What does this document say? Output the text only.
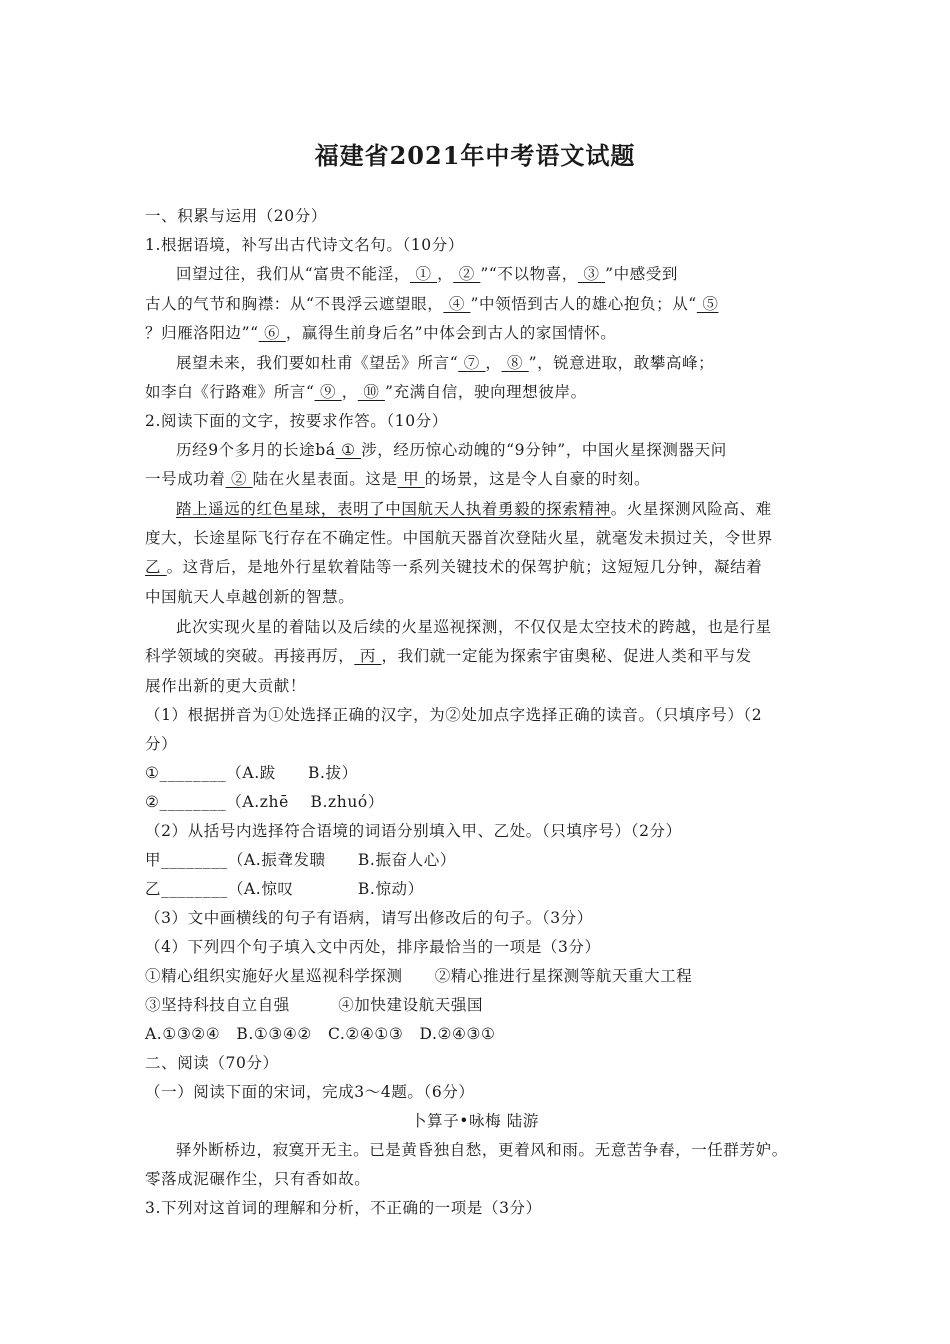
福建省2021年中考语文试题
一、积累与运用（20分）
1.根据语境，补写出古代诗文名句。（10分）
回望过往，我们从“富贵不能淫， ① ， ② ”“不以物喜， ③ ”中感受到
古人的气节和胸襟：从“不畏浮云遮望眼， ④ ”中领悟到古人的雄心抱负；从“ ⑤
？归雁洛阳边”“ ⑥ ，赢得生前身后名”中体会到古人的家国情怀。
展望未来，我们要如杜甫《望岳》所言“ ⑦ ， ⑧ ”，锐意进取，敢攀高峰；
如李白《行路难》所言“ ⑨ ， ⑩ ”充满自信，驶向理想彼岸。
2.阅读下面的文字，按要求作答。（10分）
历经9个多月的长途bá ① 涉，经历惊心动魄的“9分钟”，中国火星探测器天问
一号成功着 ② 陆在火星表面。这是 甲 的场景，这是令人自豪的时刻。
踏上遥远的红色星球，表明了中国航天人执着勇毅的探索精神。火星探测风险高、难
度大，长途星际飞行存在不确定性。中国航天器首次登陆火星，就毫发未损过关，令世界
乙 。这背后，是地外行星软着陆等一系列关键技术的保驾护航；这短短几分钟，凝结着
中国航天人卓越创新的智慧。
此次实现火星的着陆以及后续的火星巡视探测，不仅仅是太空技术的跨越，也是行星
科学领域的突破。再接再厉， 丙 ，我们就一定能为探索宇宙奥秘、促进人类和平与发
展作出新的更大贡献！
（1）根据拼音为①处选择正确的汉字，为②处加点字选择正确的读音。（只填序号）（2
分）
①________（A.跋　　B.拔）
②________（A.zhē　 B.zhuó）
（2）从括号内选择符合语境的词语分别填入甲、乙处。（只填序号）（2分）
甲________（A.振聋发聩　　B.振奋人心）
乙________（A.惊叹　　　　B.惊动）
（3）文中画横线的句子有语病，请写出修改后的句子。（3分）
（4）下列四个句子填入文中丙处，排序最恰当的一项是（3分）
①精心组织实施好火星巡视科学探测　　②精心推进行星探测等航天重大工程
③坚持科技自立自强　　　④加快建设航天强国
A.①③②④　B.①③④②　C.②④①③　D.②④③①
二、阅读（70分）
（一）阅读下面的宋词，完成3～4题。（6分）
卜算子•咏梅 陆游
驿外断桥边，寂寞开无主。已是黄昏独自愁，更着风和雨。无意苦争春，一任群芳妒。
零落成泥碾作尘，只有香如故。
3.下列对这首词的理解和分析，不正确的一项是（3分）
